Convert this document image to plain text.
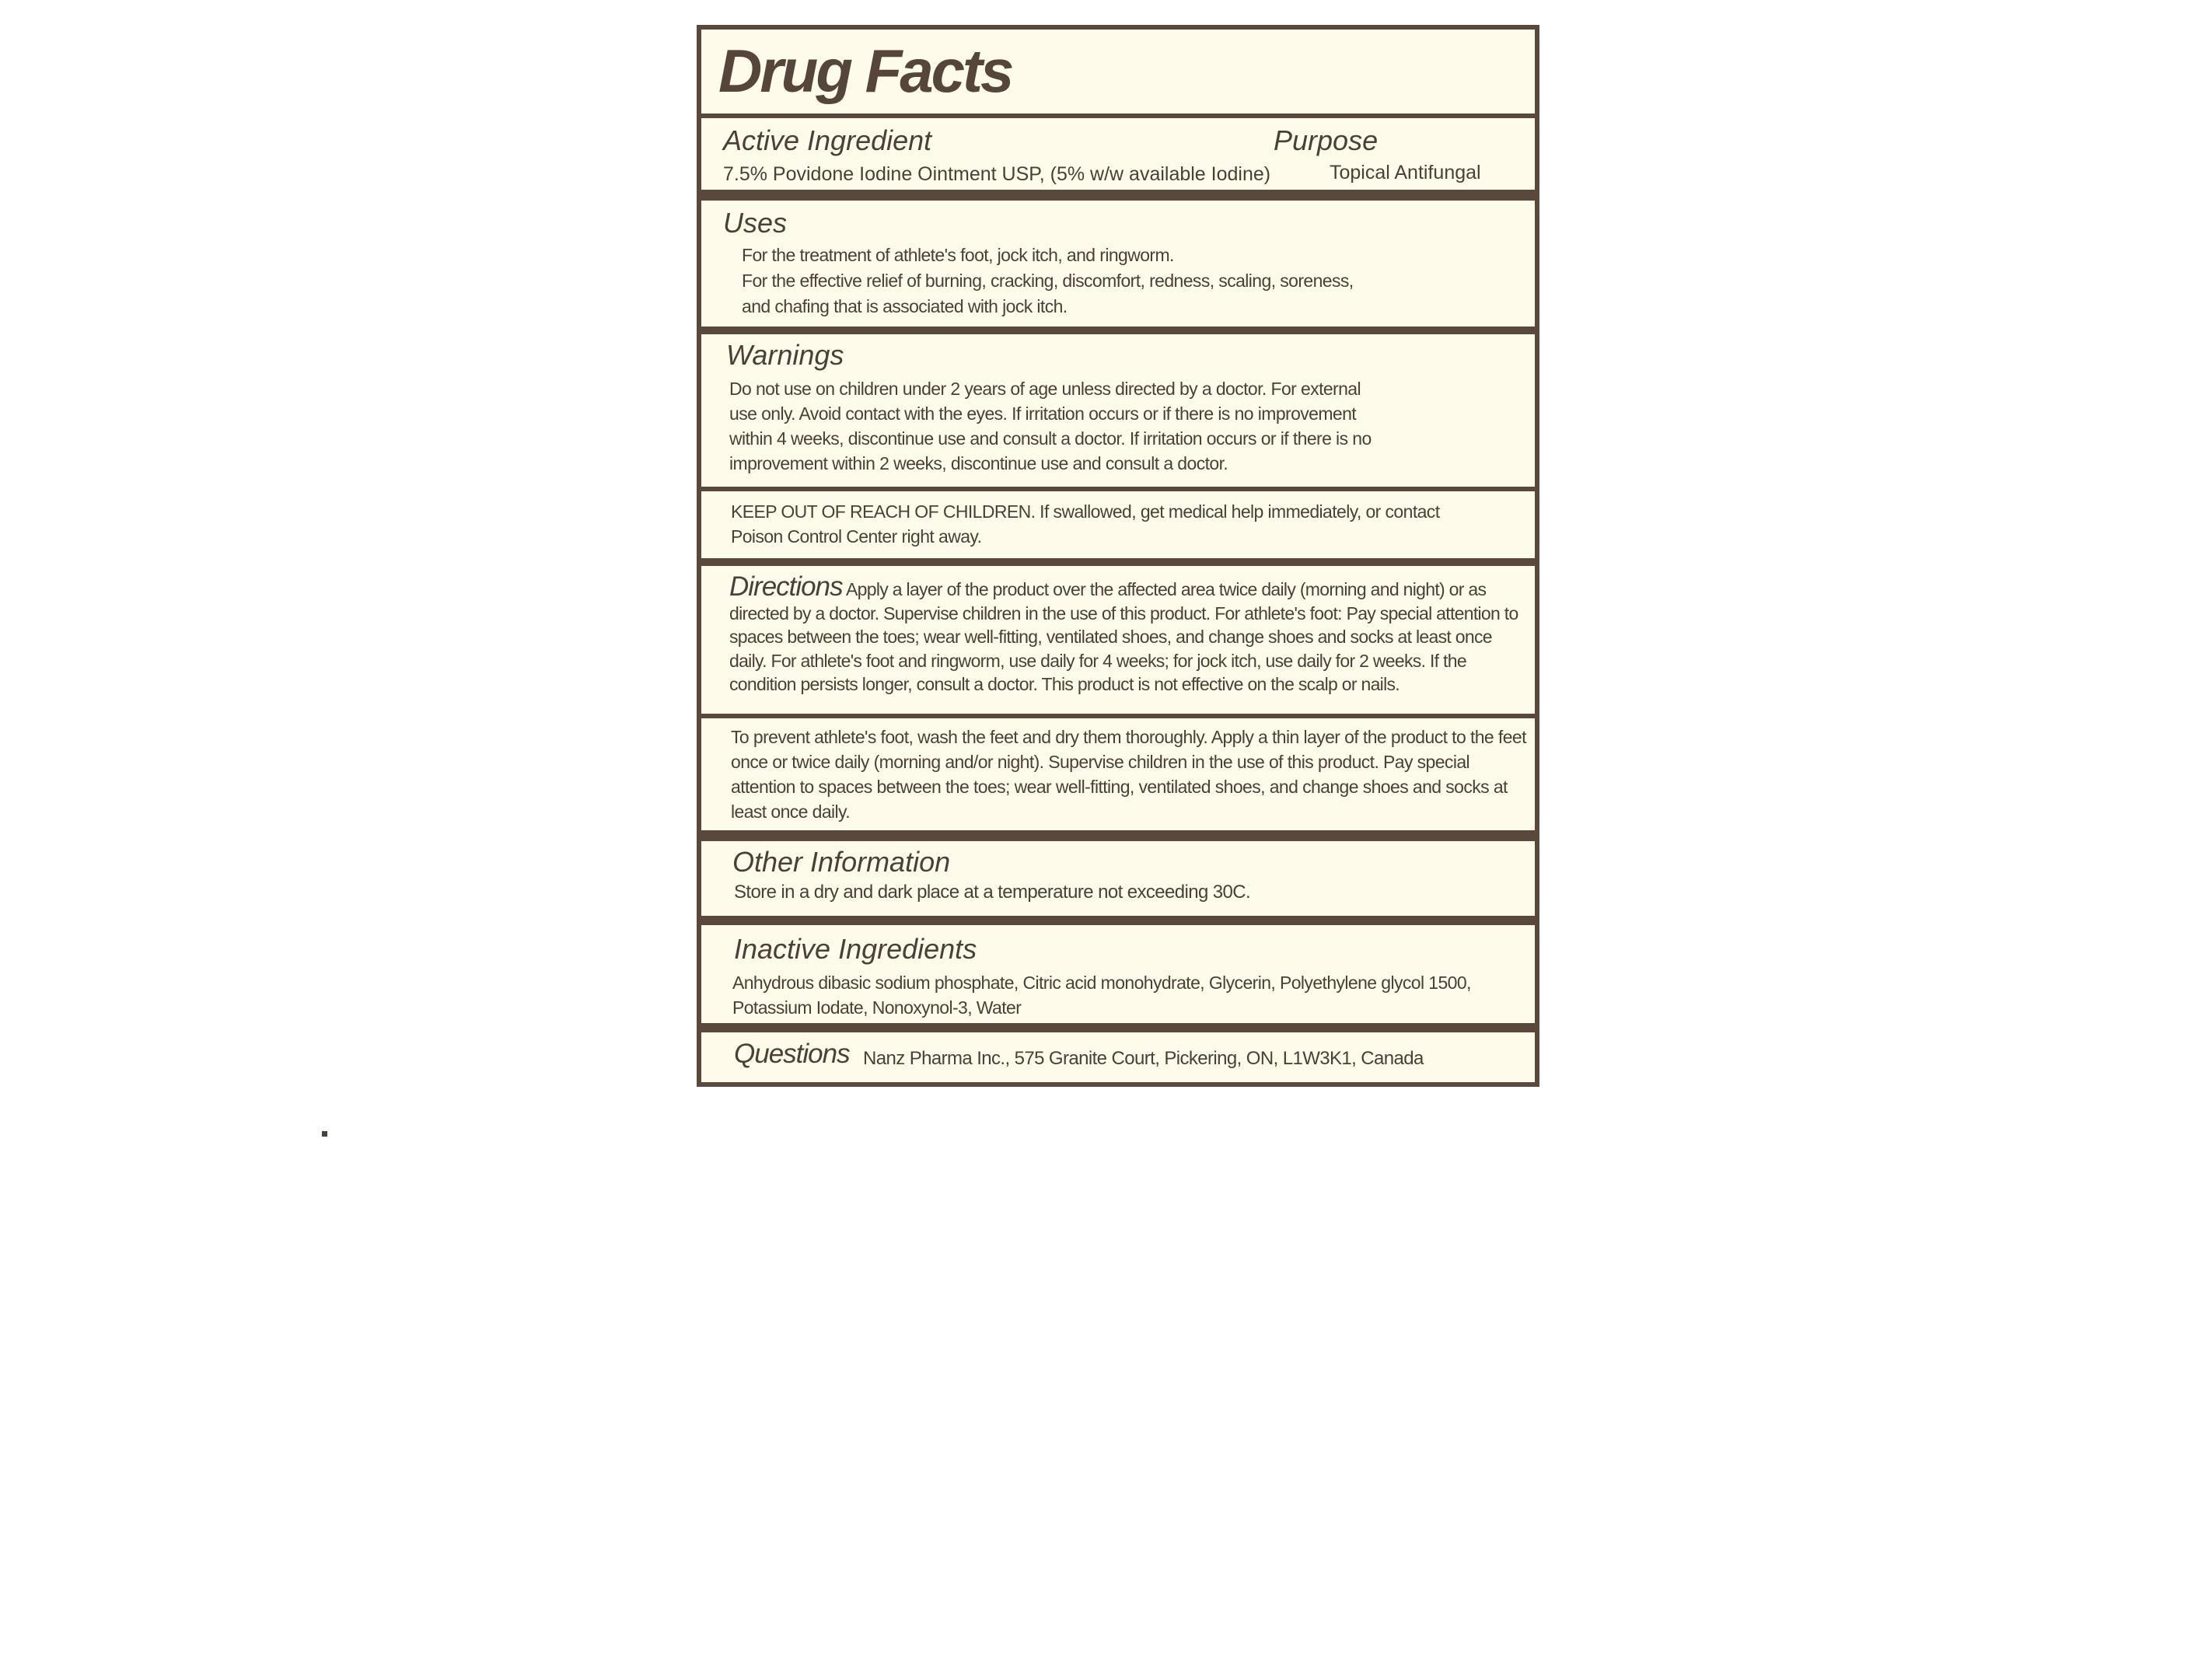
Drug Facts
Active Ingredient	Purpose
7.5% Povidone Iodine Ointment USP, (5% w/w available Iodine)	Topical Antifungal
Uses
For the treatment of athlete's foot, jock itch, and ringworm.
For the effective relief of burning, cracking, discomfort, redness, scaling, soreness,
and chafing that is associated with jock itch.
Warnings
Do not use on children under 2 years of age unless directed by a doctor. For external use only. Avoid contact with the eyes. If irritation occurs or if there is no improvement within 4 weeks, discontinue use and consult a doctor. If irritation occurs or if there is no improvement within 2 weeks, discontinue use and consult a doctor.
KEEP OUT OF REACH OF CHILDREN. If swallowed, get medical help immediately, or contact Poison Control Center right away.
Directions Apply a layer of the product over the affected area twice daily (morning and night) or as directed by a doctor. Supervise children in the use of this product. For athlete's foot: Pay special attention to spaces between the toes; wear well-fitting, ventilated shoes, and change shoes and socks at least once daily. For athlete's foot and ringworm, use daily for 4 weeks; for jock itch, use daily for 2 weeks. If the condition persists longer, consult a doctor. This product is not effective on the scalp or nails.
To prevent athlete's foot, wash the feet and dry them thoroughly. Apply a thin layer of the product to the feet once or twice daily (morning and/or night). Supervise children in the use of this product. Pay special attention to spaces between the toes; wear well-fitting, ventilated shoes, and change shoes and socks at least once daily.
Other Information
Store in a dry and dark place at a temperature not exceeding 30C.
Inactive Ingredients
Anhydrous dibasic sodium phosphate, Citric acid monohydrate, Glycerin, Polyethylene glycol 1500, Potassium Iodate, Nonoxynol-3, Water
Questions Nanz Pharma Inc., 575 Granite Court, Pickering, ON, L1W3K1, Canada
